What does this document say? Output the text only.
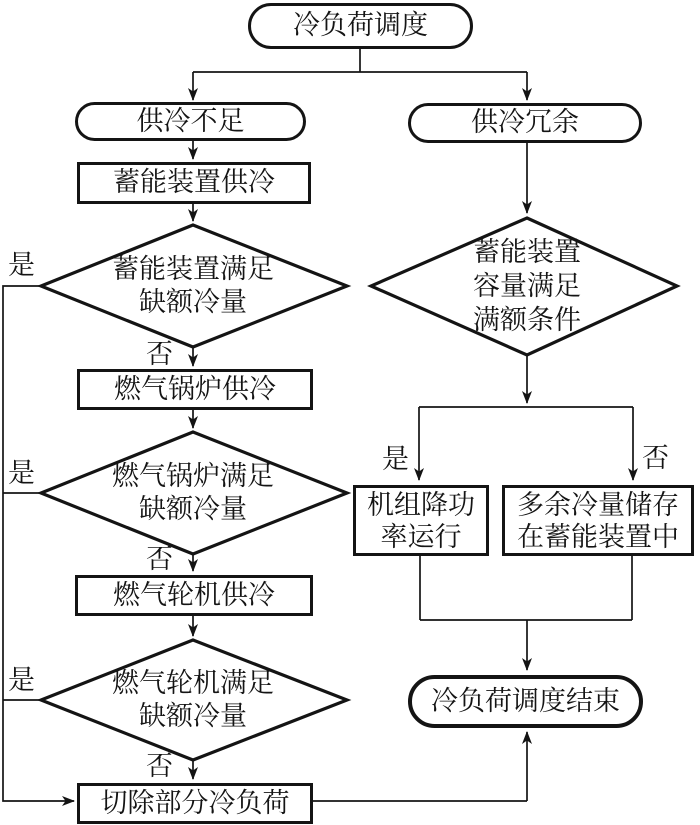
冷负荷调度
供冷不足	供冷冗余
蓄能装置供冷
燃气锅炉供冷
燃气轮机供冷
切除部分冷负荷
机组降功
率运行
多余冷量储存
在蓄能装置中
冷负荷调度结束
蓄能装置满足
缺额冷量
燃气锅炉满足
缺额冷量
燃气轮机满足
缺额冷量
蓄能装置
容量满足
满额条件
是
是
是
否
否
否
是	否
